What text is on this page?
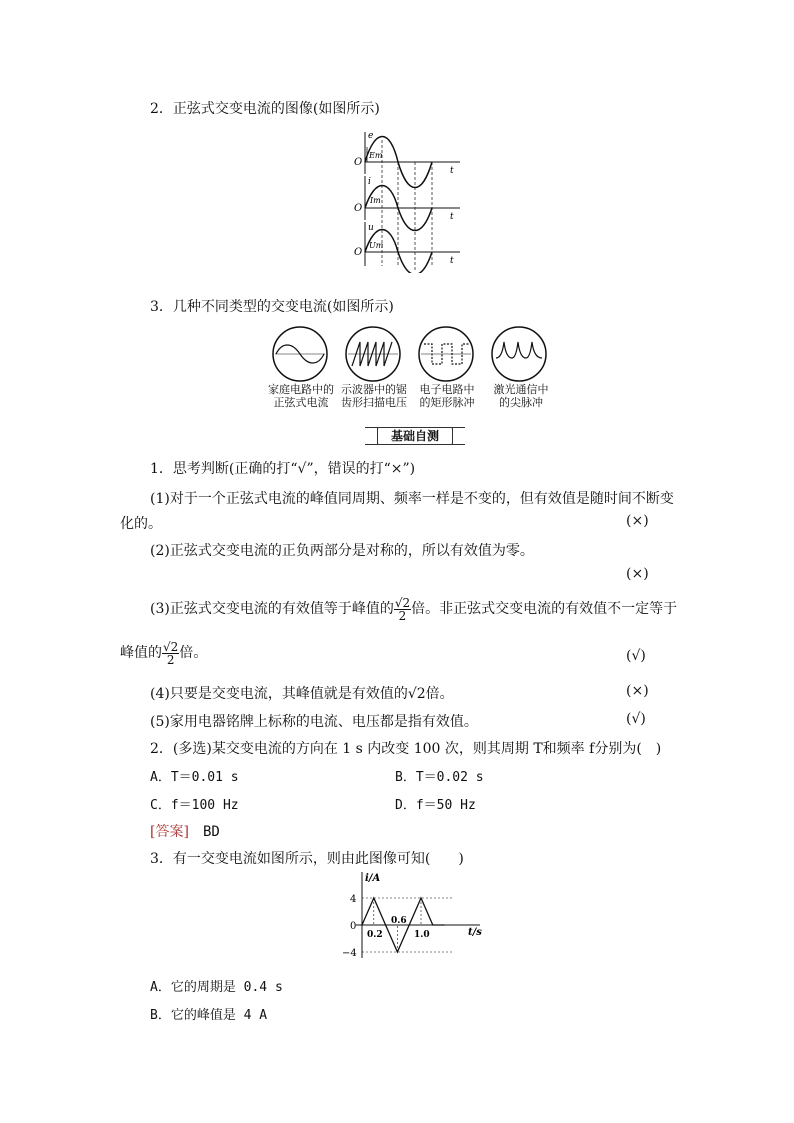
2．正弦式交变电流的图像(如图所示)
e
O
t
Em
i
O
t
Im
u
O
t
Um
3．几种不同类型的交变电流(如图所示)
家庭电路中的
正弦式电流
示波器中的锯
齿形扫描电压
电子电路中
的矩形脉冲
激光通信中
的尖脉冲
基础自测
1．思考判断(正确的打“√”，错误的打“×”)
(1)对于一个正弦式电流的峰值同周期、频率一样是不变的，但有效值是随时间不断变
化的。	(×)
(2)正弦式交变电流的正负两部分是对称的，所以有效值为零。
(×)
(3)正弦式交变电流的有效值等于峰值的 $\frac{√2}{2}$ 倍。非正弦式交变电流的有效值不一定等于
峰值的 $\frac{√2}{2}$ 倍。	(√)
(4)只要是交变电流，其峰值就是有效值的√2倍。	(×)
(5)家用电器铭牌上标称的电流、电压都是指有效值。	(√)
2．(多选)某交变电流的方向在 1 s 内改变 100 次，则其周期 T和频率 f分别为(　)
A．T＝0.01 s	B．T＝0.02 s
C．f＝100 Hz	D．f＝50 Hz
[答案]　 BD
3．有一交变电流如图所示，则由此图像可知(　　)
i/A
t/s
4
0
−4
0.2
0.6
1.0
A．它的周期是 0.4 s
B．它的峰值是 4 A
